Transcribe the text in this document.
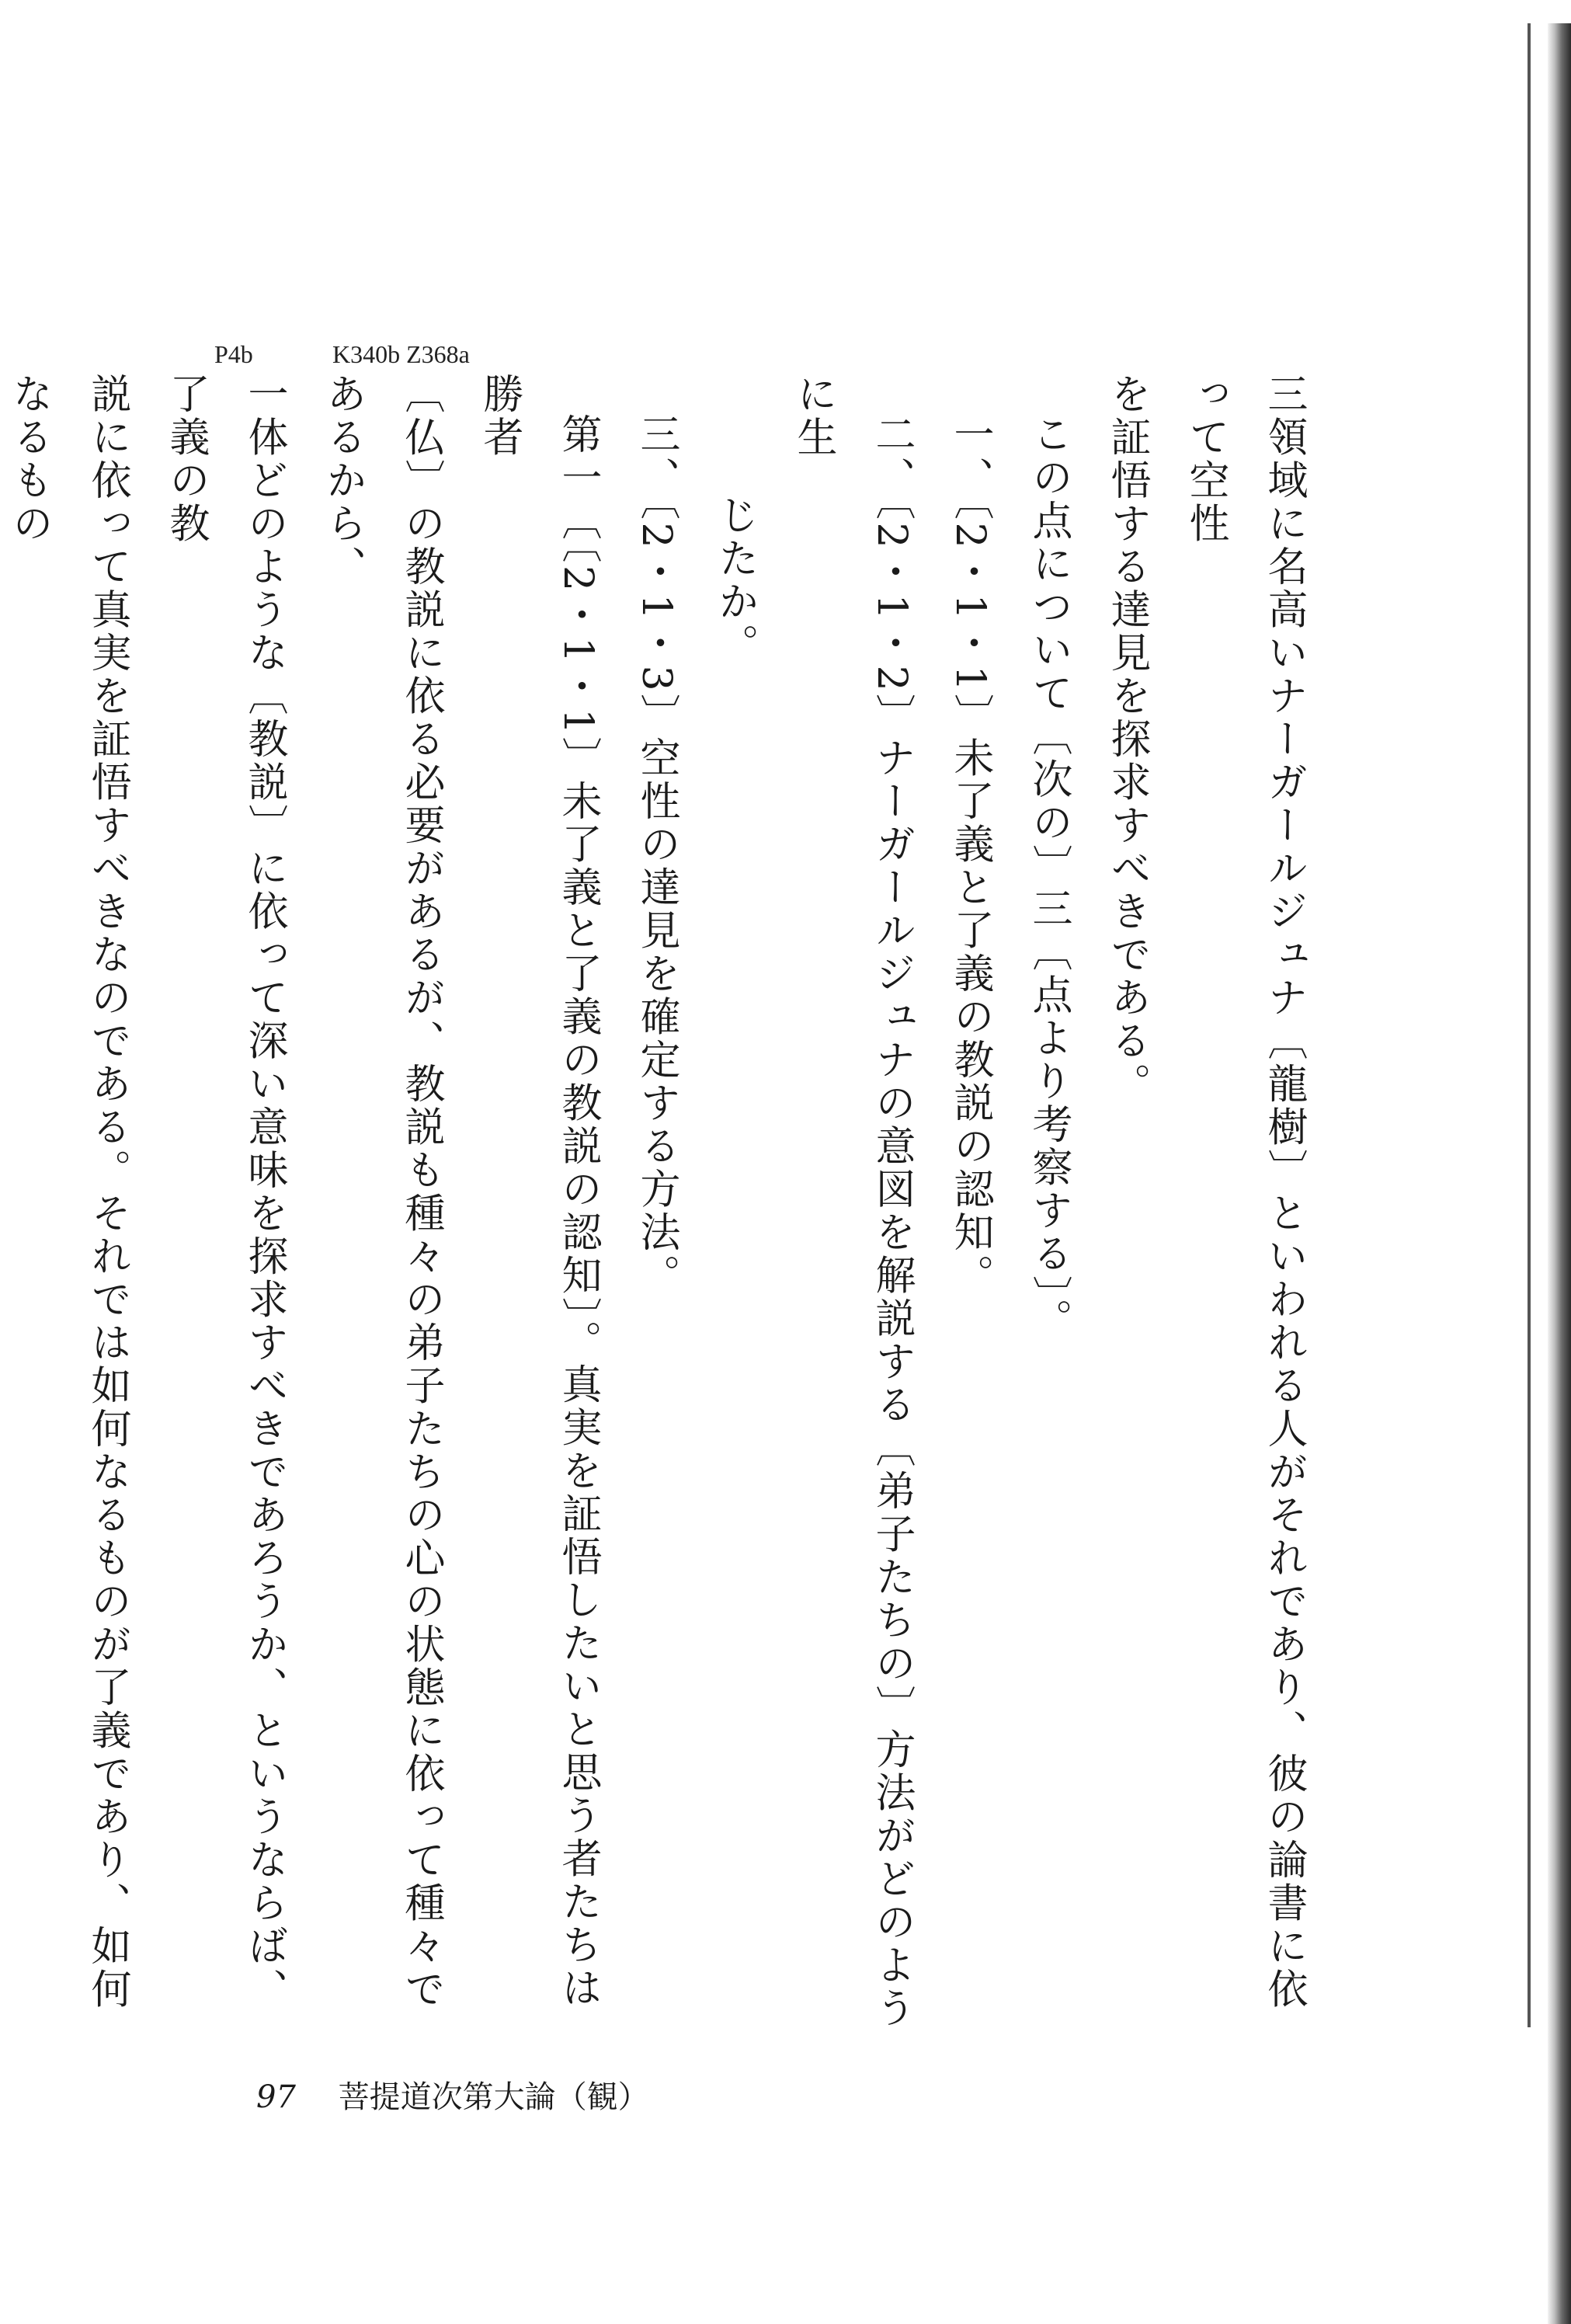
P4b	K340b Z368a

三領域に名高いナーガールジュナ〔龍樹〕といわれる人がそれであり、彼の論書に依って空性

を証悟する達見を探求すべきである。

この点について〔次の〕三〔点より考察する〕。

一、〔2・1・1〕未了義と了義の教説の認知。

二、〔2・1・2〕ナーガールジュナの意図を解説する〔弟子たちの〕方法がどのように生

じたか。

三、〔2・1・3〕空性の達見を確定する方法。

第一〔〔2・1・1〕未了義と了義の教説の認知〕。真実を証悟したいと思う者たちは勝者

〔仏〕の教説に依る必要があるが、教説も種々の弟子たちの心の状態に依って種々であるから、

一体どのような〔教説〕に依って深い意味を探求すべきであろうか、というならば、了義の教

説に依って真実を証悟すべきなのである。それでは如何なるものが了義であり、如何なるもの

97 菩提道次第大論（観）
